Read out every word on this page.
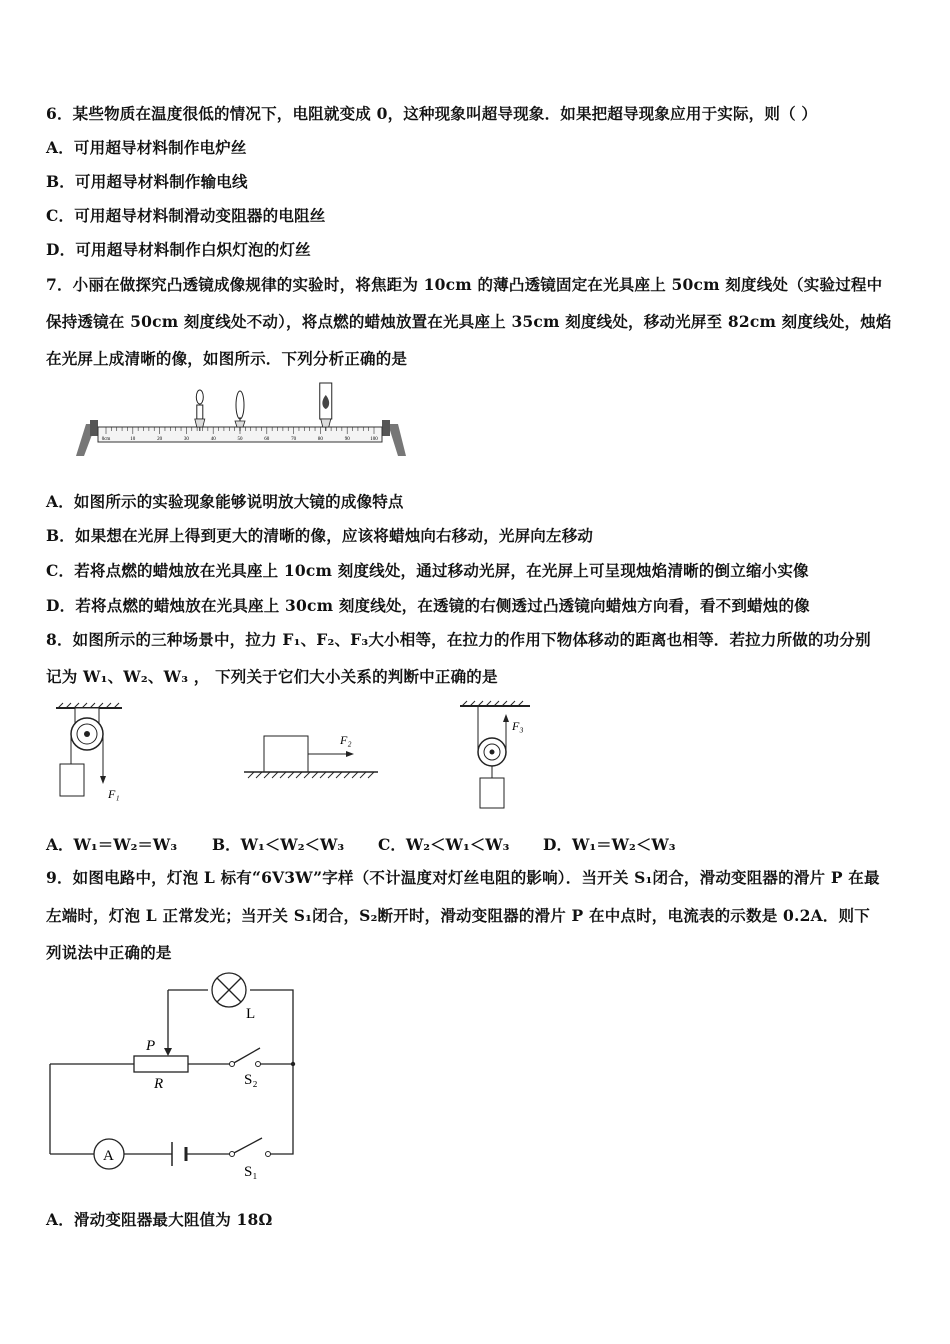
6．某些物质在温度很低的情况下，电阻就变成 0，这种现象叫超导现象．如果把超导现象应用于实际，则（ ）
A．可用超导材料制作电炉丝
B．可用超导材料制作输电线
C．可用超导材料制滑动变阻器的电阻丝
D．可用超导材料制作白炽灯泡的灯丝
7．小丽在做探究凸透镜成像规律的实验时，将焦距为 10cm 的薄凸透镜固定在光具座上 50cm 刻度线处（实验过程中
保持透镜在 50cm 刻度线处不动），将点燃的蜡烛放置在光具座上 35cm 刻度线处，移动光屏至 82cm 刻度线处，烛焰
在光屏上成清晰的像，如图所示．下列分析正确的是
0cm	10	20	30	40	50	60	70	80	90	100
A．如图所示的实验现象能够说明放大镜的成像特点
B．如果想在光屏上得到更大的清晰的像，应该将蜡烛向右移动，光屏向左移动
C．若将点燃的蜡烛放在光具座上 10cm 刻度线处，通过移动光屏，在光屏上可呈现烛焰清晰的倒立缩小实像
D．若将点燃的蜡烛放在光具座上 30cm 刻度线处，在透镜的右侧透过凸透镜向蜡烛方向看，看不到蜡烛的像
8．如图所示的三种场景中，拉力 F₁、F₂、F₃大小相等，在拉力的作用下物体移动的距离也相等．若拉力所做的功分别
记为 W₁、W₂、W₃ ， 下列关于它们大小关系的判断中正确的是
F₁
F₂
F₃
A．W₁＝W₂＝W₃ B．W₁＜W₂＜W₃ C．W₂＜W₁＜W₃ D．W₁＝W₂＜W₃
9．如图电路中，灯泡 L 标有“6V3W”字样（不计温度对灯丝电阻的影响）．当开关 S₁闭合，滑动变阻器的滑片 P 在最
左端时，灯泡 L 正常发光；当开关 S₁闭合，S₂断开时，滑动变阻器的滑片 P 在中点时，电流表的示数是 0.2A．则下
列说法中正确的是
L
P
R	S₂
A
S₁
A．滑动变阻器最大阻值为 18Ω
